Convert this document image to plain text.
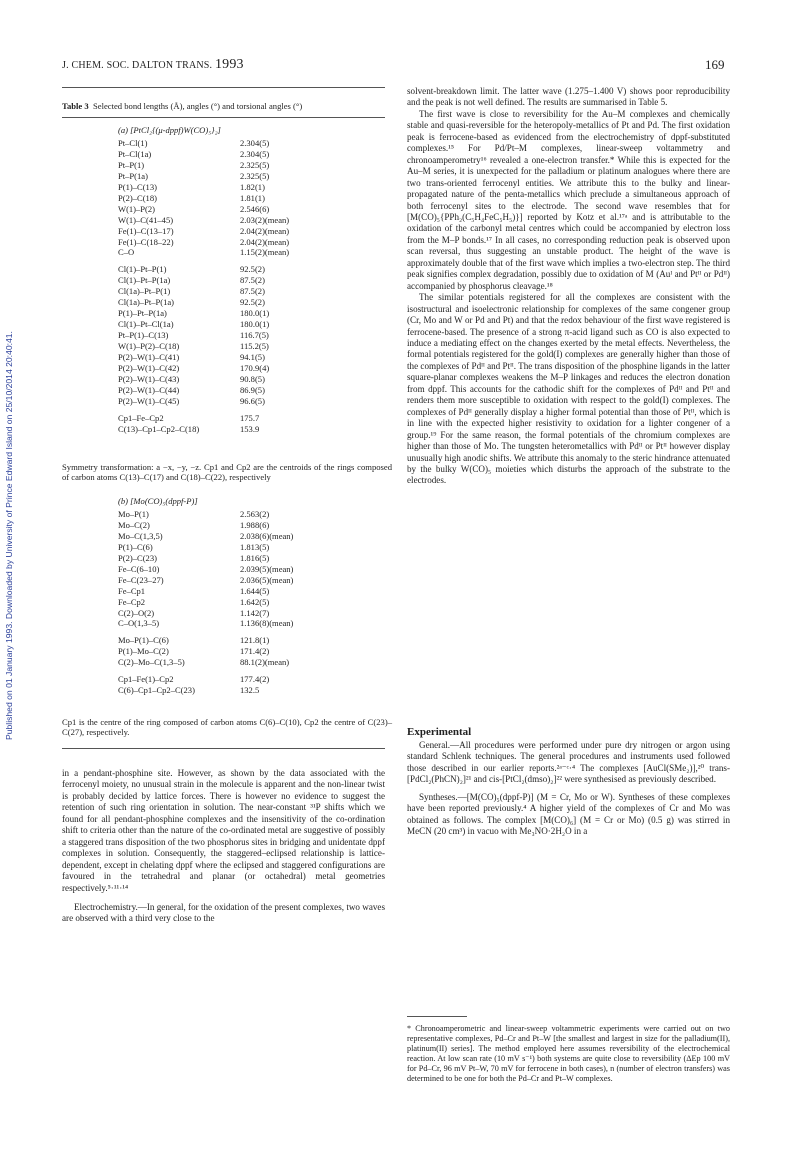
Published on 01 January 1993. Downloaded by University of Prince Edward Island on 25/10/2014 20:40:41.
J. CHEM. SOC. DALTON TRANS. 1993	169
Table 3 Selected bond lengths (Å), angles (°) and torsional angles (°)
(a) [PtCl₂{(μ-dppf)W(CO)₅}₂]
Pt–Cl(1)	2.304(5)
Pt–Cl(1a)	2.304(5)
Pt–P(1)	2.325(5)
Pt–P(1a)	2.325(5)
P(1)–C(13)	1.82(1)
P(2)–C(18)	1.81(1)
W(1)–P(2)	2.546(6)
W(1)–C(41–45)	2.03(2)(mean)
Fe(1)–C(13–17)	2.04(2)(mean)
Fe(1)–C(18–22)	2.04(2)(mean)
C–O	1.15(2)(mean)
Cl(1)–Pt–P(1)	92.5(2)
Cl(1)–Pt–P(1a)	87.5(2)
Cl(1a)–Pt–P(1)	87.5(2)
Cl(1a)–Pt–P(1a)	92.5(2)
P(1)–Pt–P(1a)	180.0(1)
Cl(1)–Pt–Cl(1a)	180.0(1)
Pt–P(1)–C(13)	116.7(5)
W(1)–P(2)–C(18)	115.2(5)
P(2)–W(1)–C(41)	94.1(5)
P(2)–W(1)–C(42)	170.9(4)
P(2)–W(1)–C(43)	90.8(5)
P(2)–W(1)–C(44)	86.9(5)
P(2)–W(1)–C(45)	96.6(5)
Cp1–Fe–Cp2	175.7
C(13)–Cp1–Cp2–C(18)	153.9
Symmetry transformation: a −x, −y, −z. Cp1 and Cp2 are the centroids of the rings composed of carbon atoms C(13)–C(17) and C(18)–C(22), respectively
(b) [Mo(CO)₅(dppf-P)]
Mo–P(1)	2.563(2)
Mo–C(2)	1.988(6)
Mo–C(1,3,5)	2.038(6)(mean)
P(1)–C(6)	1.813(5)
P(2)–C(23)	1.816(5)
Fe–C(6–10)	2.039(5)(mean)
Fe–C(23–27)	2.036(5)(mean)
Fe–Cp1	1.644(5)
Fe–Cp2	1.642(5)
C(2)–O(2)	1.142(7)
C–O(1,3–5)	1.136(8)(mean)
Mo–P(1)–C(6)	121.8(1)
P(1)–Mo–C(2)	171.4(2)
C(2)–Mo–C(1,3–5)	88.1(2)(mean)
Cp1–Fe(1)–Cp2	177.4(2)
C(6)–Cp1–Cp2–C(23)	132.5
Cp1 is the centre of the ring composed of carbon atoms C(6)–C(10), Cp2 the centre of C(23)–C(27), respectively.

in a pendant-phosphine site. However, as shown by the data associated with the ferrocenyl moiety, no unusual strain in the molecule is apparent and the non-linear twist is probably decided by lattice forces. There is however no evidence to suggest the retention of such ring orientation in solution. The near-constant ³¹P shifts which we found for all pendant-phosphine complexes and the insensitivity of the co-ordination shift to criteria other than the nature of the co-ordinated metal are suggestive of possibly a staggered trans disposition of the two phosphorus sites in bridging and unidentate dppf complexes in solution. Consequently, the staggered–eclipsed relationship is lattice-dependent, except in chelating dppf where the eclipsed and staggered configurations are favoured in the tetrahedral and planar (or octahedral) metal geometries respectively.⁵·¹¹·¹⁴

Electrochemistry.—In general, for the oxidation of the present complexes, two waves are observed with a third very close to the

solvent-breakdown limit. The latter wave (1.275–1.400 V) shows poor reproducibility and the peak is not well defined. The results are summarised in Table 5.

The first wave is close to reversibility for the Au–M complexes and chemically stable and quasi-reversible for the heteropoly-metallics of Pt and Pd. The first oxidation peak is ferrocene-based as evidenced from the electrochemistry of dppf-substituted complexes.¹⁵ For Pd/Pt–M complexes, linear-sweep voltammetry and chronoamperometry¹⁶ revealed a one-electron transfer.* While this is expected for the Au–M series, it is unexpected for the palladium or platinum analogues where there are two trans-oriented ferrocenyl entities. We attribute this to the bulky and linear-propagated nature of the penta-metallics which preclude a simultaneous approach of both ferrocenyl sites to the electrode. The second wave resembles that for [M(CO)₅{PPh₂(C₅H₄FeC₅H₅)}] reported by Kotz et al.¹⁷ᵃ and is attributable to the oxidation of the carbonyl metal centres which could be accompanied by electron loss from the M–P bonds.¹⁷ In all cases, no corresponding reduction peak is observed upon scan reversal, thus suggesting an unstable product. The height of the wave is approximately double that of the first wave which implies a two-electron step. The third peak signifies complex degradation, possibly due to oxidation of M (Auᴵ and Ptᴵᴵ or Pdᴵᴵ) accompanied by phosphorus cleavage.¹⁸

The similar potentials registered for all the complexes are consistent with the isostructural and isoelectronic relationship for complexes of the same congener group (Cr, Mo and W or Pd and Pt) and that the redox behaviour of the first wave registered is ferrocene-based. The presence of a strong π-acid ligand such as CO is also expected to induce a mediating effect on the changes exerted by the metal effects. Nevertheless, the formal potentials registered for the gold(I) complexes are generally higher than those of the complexes of Pdᴵᴵ and Ptᴵᴵ. The trans disposition of the phosphine ligands in the latter square-planar complexes weakens the M–P linkages and reduces the electron donation from dppf. This accounts for the cathodic shift for the complexes of Pdᴵᴵ and Ptᴵᴵ and renders them more susceptible to oxidation with respect to the gold(I) complexes. The complexes of Pdᴵᴵ generally display a higher formal potential than those of Ptᴵᴵ, which is in line with the expected higher resistivity to oxidation for a lighter congener of a group.¹⁹ For the same reason, the formal potentials of the chromium complexes are higher than those of Mo. The tungsten heterometallics with Pdᴵᴵ or Ptᴵᴵ however display unusually high anodic shifts. We attribute this anomaly to the steric hindrance attenuated by the bulky W(CO)₅ moieties which disturbs the approach of the substrate to the electrodes.

Experimental

General.—All procedures were performed under pure dry nitrogen or argon using standard Schlenk techniques. The general procedures and instruments used followed those described in our earlier reports.²ᵃ⁻ᶜ·⁴ The complexes [AuCl(SMe₂)],²⁰ trans-[PdCl₂(PhCN)₂]²¹ and cis-[PtCl₂(dmso)₂]²² were synthesised as previously described.

Syntheses.—[M(CO)₅(dppf-P)] (M = Cr, Mo or W). Syntheses of these complexes have been reported previously.⁴ A higher yield of the complexes of Cr and Mo was obtained as follows. The complex [M(CO)₆] (M = Cr or Mo) (0.5 g) was stirred in MeCN (20 cm³) in vacuo with Me₃NO·2H₂O in a

* Chronoamperometric and linear-sweep voltammetric experiments were carried out on two representative complexes, Pd–Cr and Pt–W [the smallest and largest in size for the palladium(II), platinum(II) series]. The method employed here assumes reversibility of the electrochemical reaction. At low scan rate (10 mV s⁻¹) both systems are quite close to reversibility (ΔEp 100 mV for Pd–Cr, 96 mV Pt–W, 70 mV for ferrocene in both cases), n (number of electron transfers) was determined to be one for both the Pd–Cr and Pt–W complexes.
